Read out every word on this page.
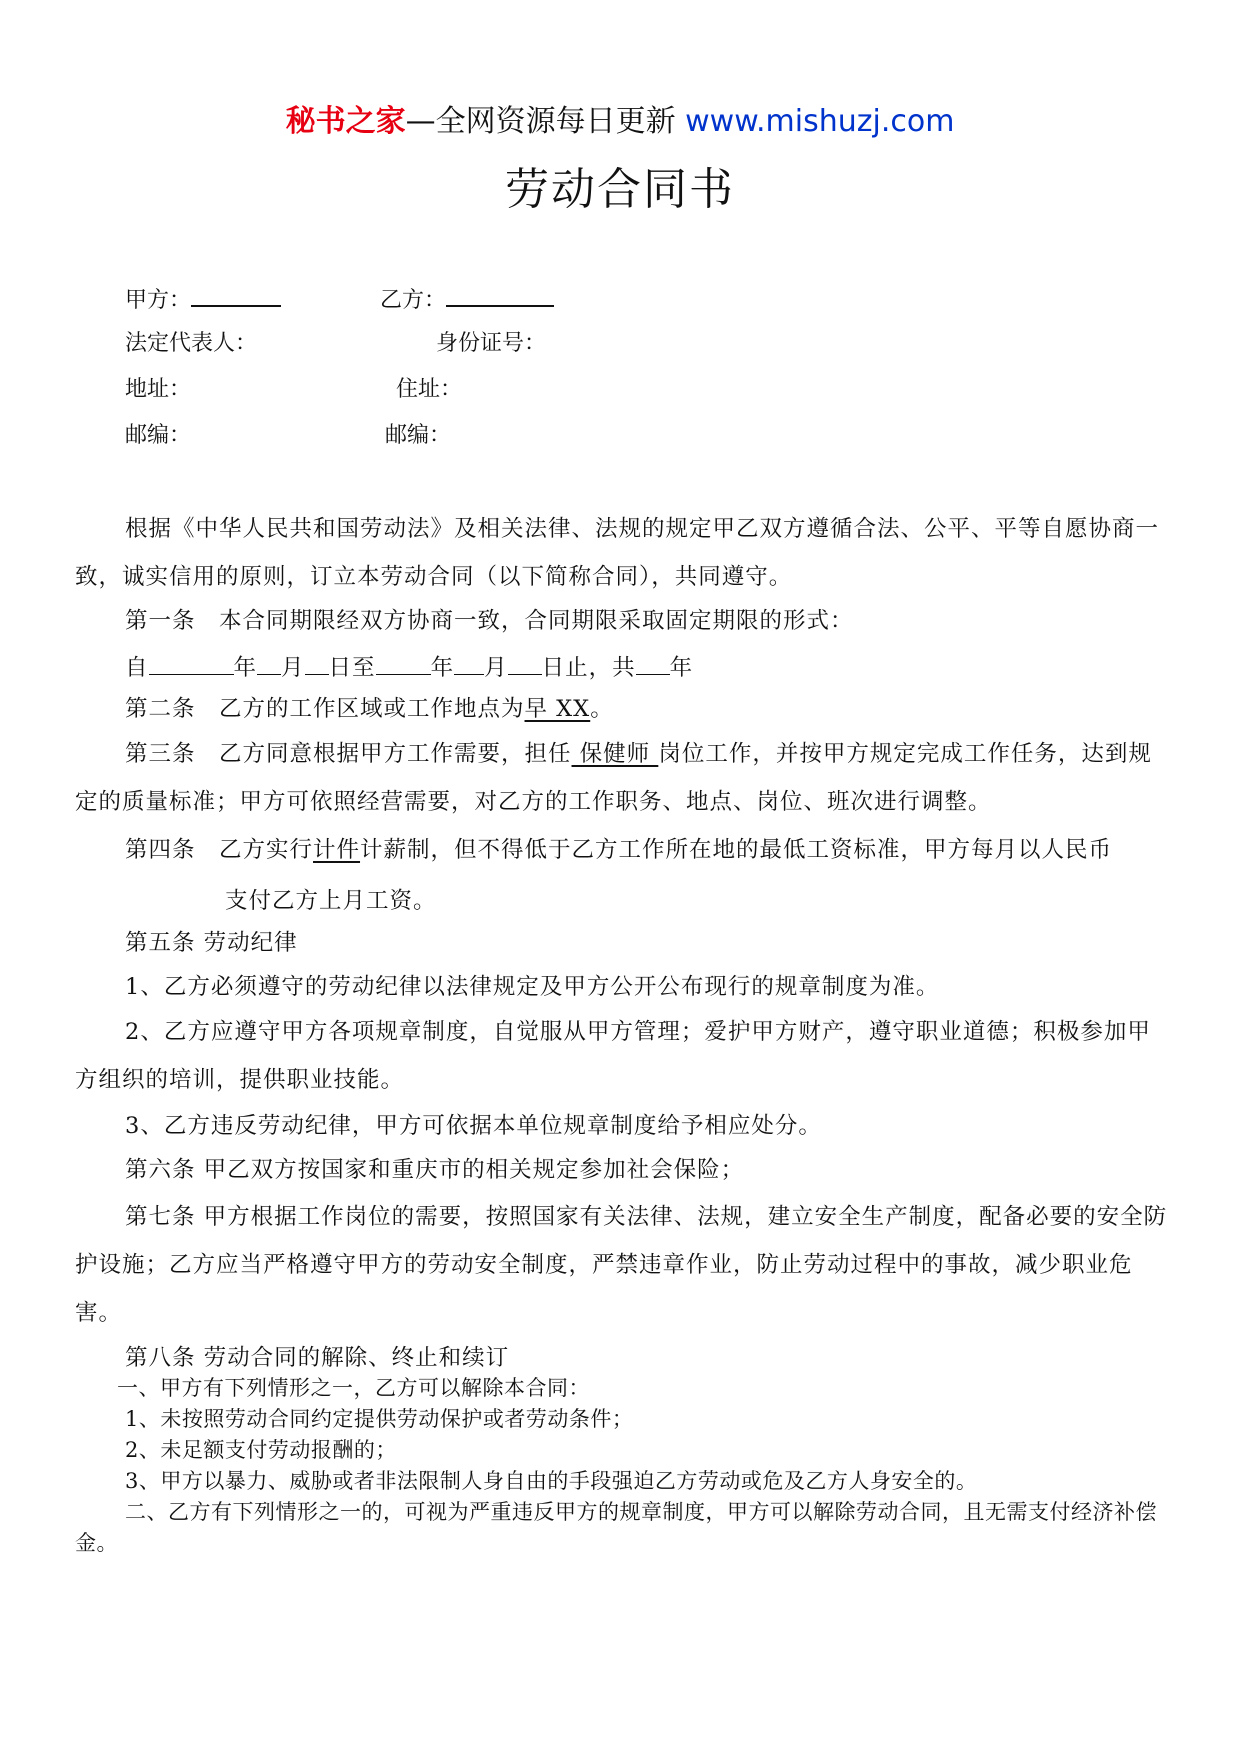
秘书之家—全网资源每日更新 www.mishuzj.com
劳动合同书
甲方：	乙方：
法定代表人：	身份证号：
地址：	住址：
邮编：	邮编：
根据《中华人民共和国劳动法》及相关法律、法规的规定甲乙双方遵循合法、公平、平等自愿协商一致，诚实信用的原则，订立本劳动合同（以下简称合同），共同遵守。
第一条　本合同期限经双方协商一致，合同期限采取固定期限的形式：
自	年 月 日至 年 月 日止，共 年
第二条　乙方的工作区域或工作地点为早 XX。
第三条　乙方同意根据甲方工作需要，担任 保健师 岗位工作，并按甲方规定完成工作任务，达到规定的质量标准；甲方可依照经营需要，对乙方的工作职务、地点、岗位、班次进行调整。
第四条　乙方实行计件计薪制，但不得低于乙方工作所在地的最低工资标准，甲方每月以人民币
支付乙方上月工资。
第五条 劳动纪律
1、乙方必须遵守的劳动纪律以法律规定及甲方公开公布现行的规章制度为准。
2、乙方应遵守甲方各项规章制度，自觉服从甲方管理；爱护甲方财产，遵守职业道德；积极参加甲方组织的培训，提供职业技能。
3、乙方违反劳动纪律，甲方可依据本单位规章制度给予相应处分。
第六条 甲乙双方按国家和重庆市的相关规定参加社会保险；
第七条 甲方根据工作岗位的需要，按照国家有关法律、法规，建立安全生产制度，配备必要的安全防护设施；乙方应当严格遵守甲方的劳动安全制度，严禁违章作业，防止劳动过程中的事故，减少职业危害。
第八条 劳动合同的解除、终止和续订
一、甲方有下列情形之一，乙方可以解除本合同：
1、未按照劳动合同约定提供劳动保护或者劳动条件；
2、未足额支付劳动报酬的；
3、甲方以暴力、威胁或者非法限制人身自由的手段强迫乙方劳动或危及乙方人身安全的。
二、乙方有下列情形之一的，可视为严重违反甲方的规章制度，甲方可以解除劳动合同，且无需支付经济补偿金。
